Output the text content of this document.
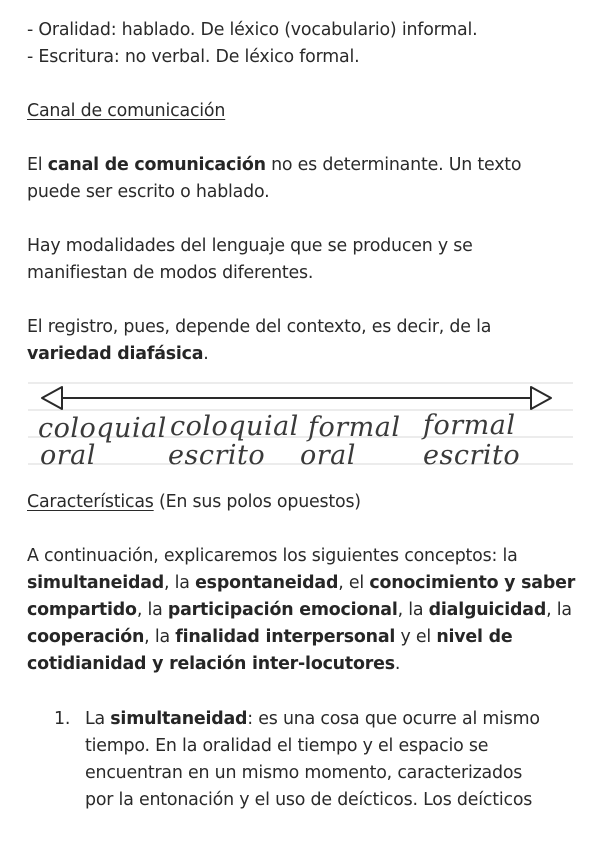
- Oralidad: hablado. De léxico (vocabulario) informal.
- Escritura: no verbal. De léxico formal.
Canal de comunicación
El canal de comunicación no es determinante. Un texto
puede ser escrito o hablado.
Hay modalidades del lenguaje que se producen y se
manifiestan de modos diferentes.
El registro, pues, depende del contexto, es decir, de la
variedad diafásica.
coloquial coloquial formal formal
oral	escrito oral escrito
Características (En sus polos opuestos)
A continuación, explicaremos los siguientes conceptos: la
simultaneidad, la espontaneidad, el conocimiento y saber
compartido, la participación emocional, la dialguicidad, la
cooperación, la finalidad interpersonal y el nivel de
cotidianidad y relación inter-locutores.
1. La simultaneidad: es una cosa que ocurre al mismo
tiempo. En la oralidad el tiempo y el espacio se
encuentran en un mismo momento, caracterizados
por la entonación y el uso de deícticos. Los deícticos
